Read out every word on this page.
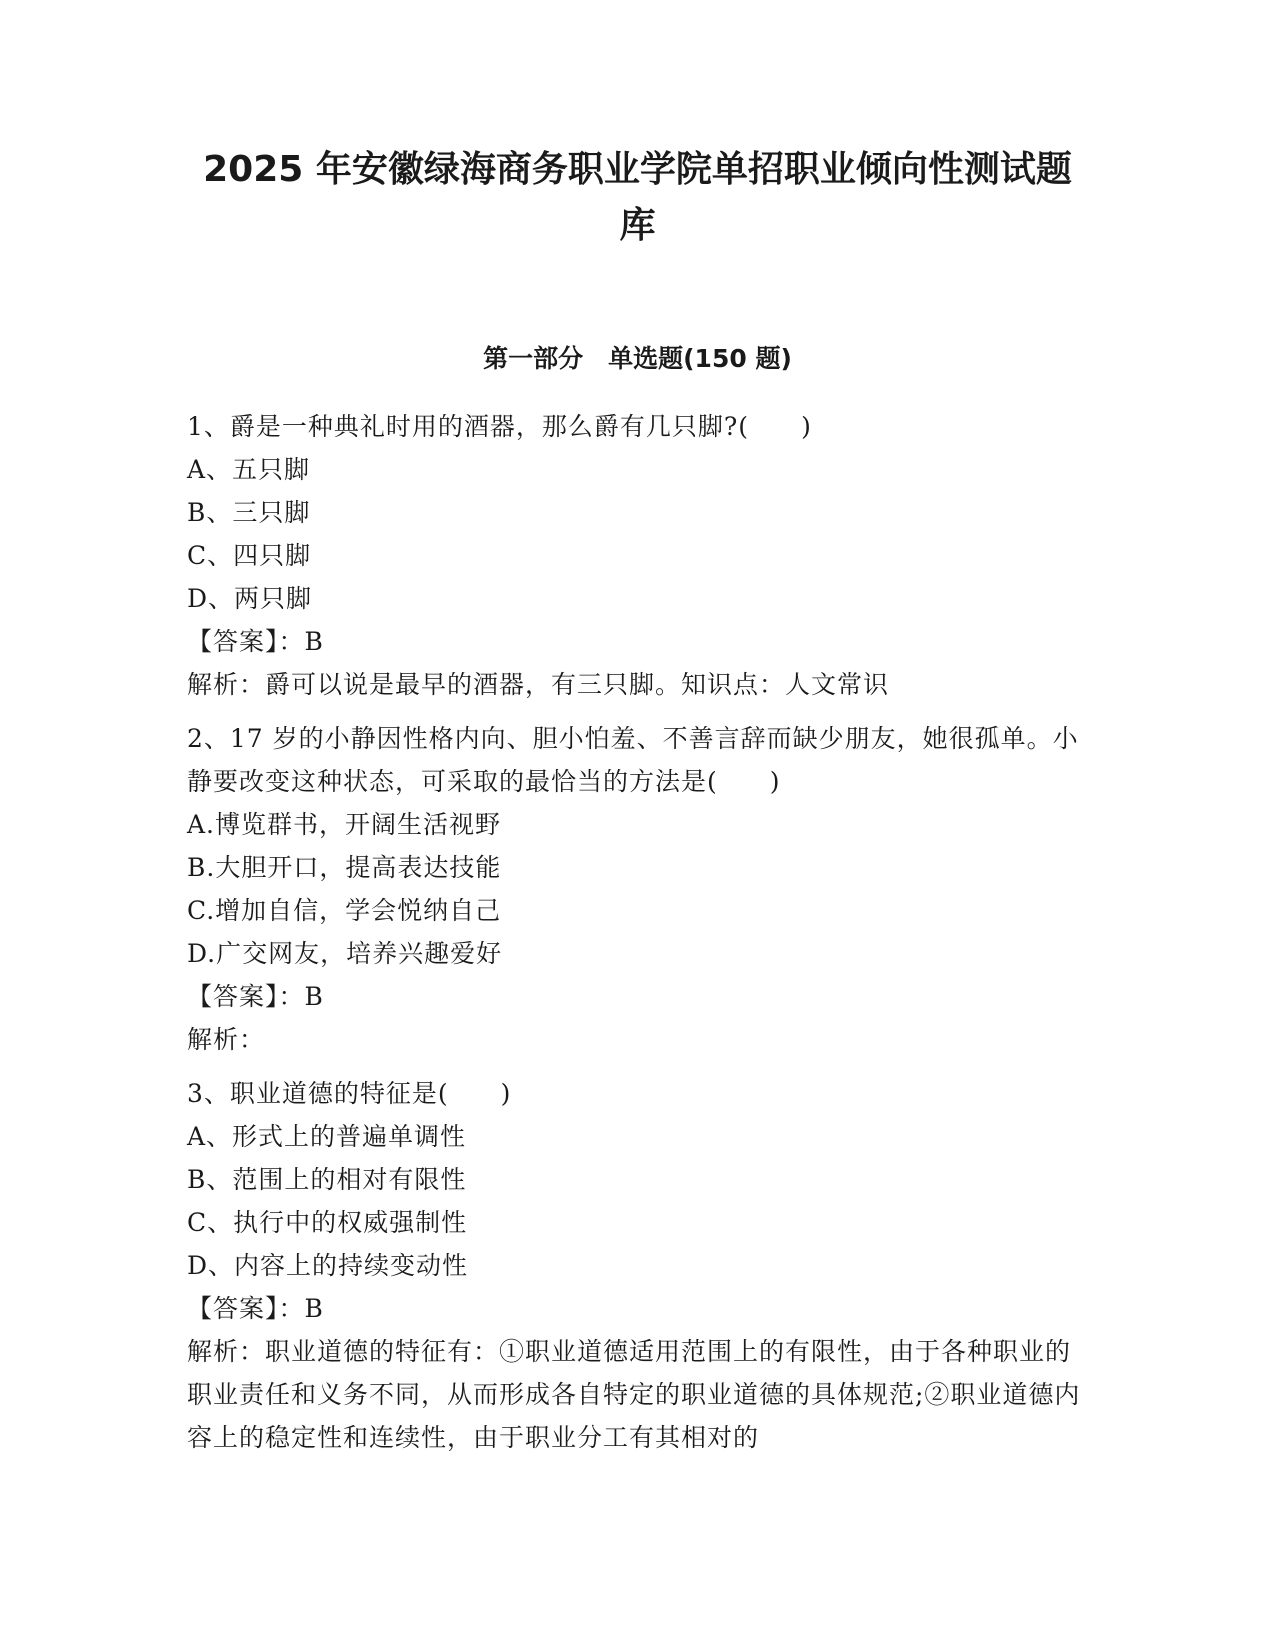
2025 年安徽绿海商务职业学院单招职业倾向性测试题
库
第一部分　单选题(150 题)
1、爵是一种典礼时用的酒器，那么爵有几只脚?(　　)
A、五只脚
B、三只脚
C、四只脚
D、两只脚
【答案】：B
解析：爵可以说是最早的酒器，有三只脚。知识点：人文常识
2、17 岁的小静因性格内向、胆小怕羞、不善言辞而缺少朋友，她很孤单。小静要改变这种状态，可采取的最恰当的方法是(　　)
A.博览群书，开阔生活视野
B.大胆开口，提高表达技能
C.增加自信，学会悦纳自己
D.广交网友，培养兴趣爱好
【答案】：B
解析：
3、职业道德的特征是(　　)
A、形式上的普遍单调性
B、范围上的相对有限性
C、执行中的权威强制性
D、内容上的持续变动性
【答案】：B
解析：职业道德的特征有：①职业道德适用范围上的有限性，由于各种职业的职业责任和义务不同，从而形成各自特定的职业道德的具体规范;②职业道德内容上的稳定性和连续性，由于职业分工有其相对的
